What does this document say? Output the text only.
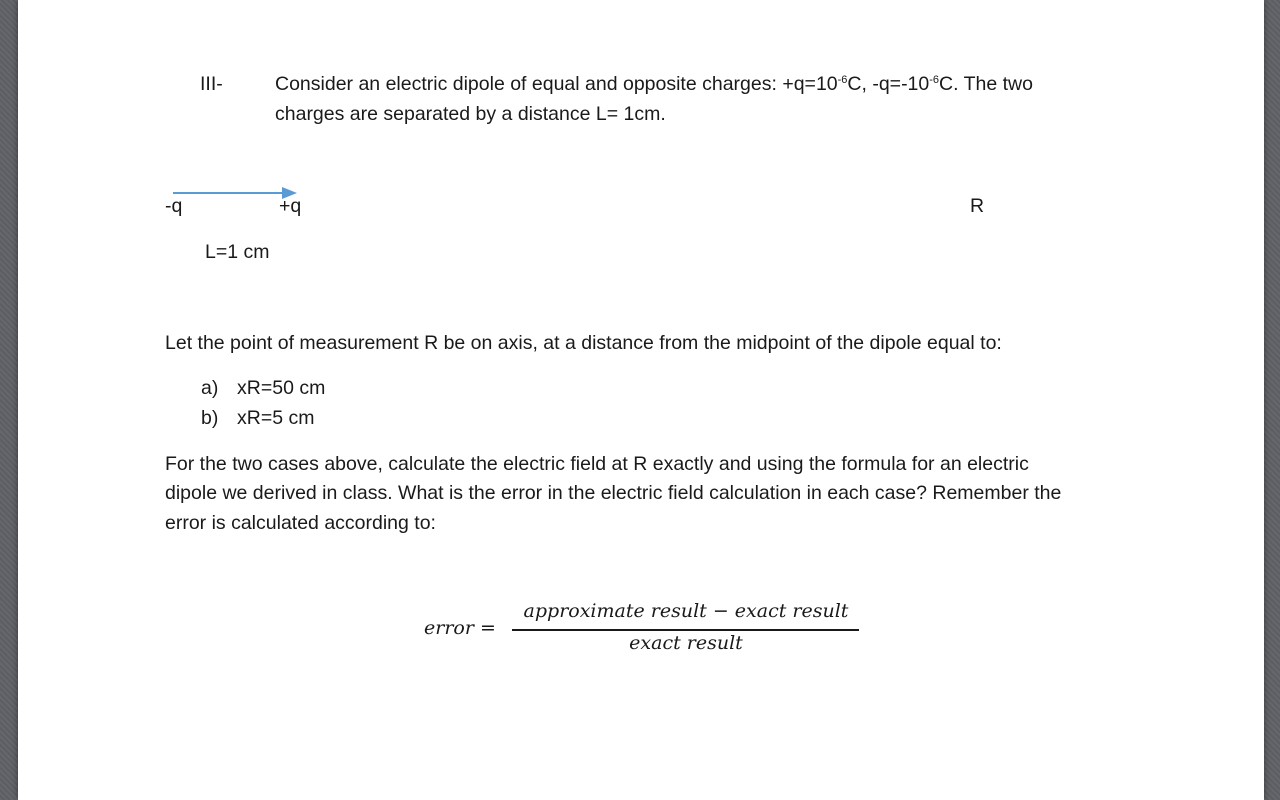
III-	Consider an electric dipole of equal and opposite charges: $+q=10^{-6}C$, $-q=-10^{-6}C$. The two
charges are separated by a distance L= 1cm.
-q	+q	R
L=1 cm
Let the point of measurement R be on axis, at a distance from the midpoint of the dipole equal to:
a) xR=50 cm
b) xR=5 cm
For the two cases above, calculate the electric field at R exactly and using the formula for an electric
dipole we derived in class. What is the error in the electric field calculation in each case? Remember the
error is calculated according to:
error =
approximate result − exact result
exact result
